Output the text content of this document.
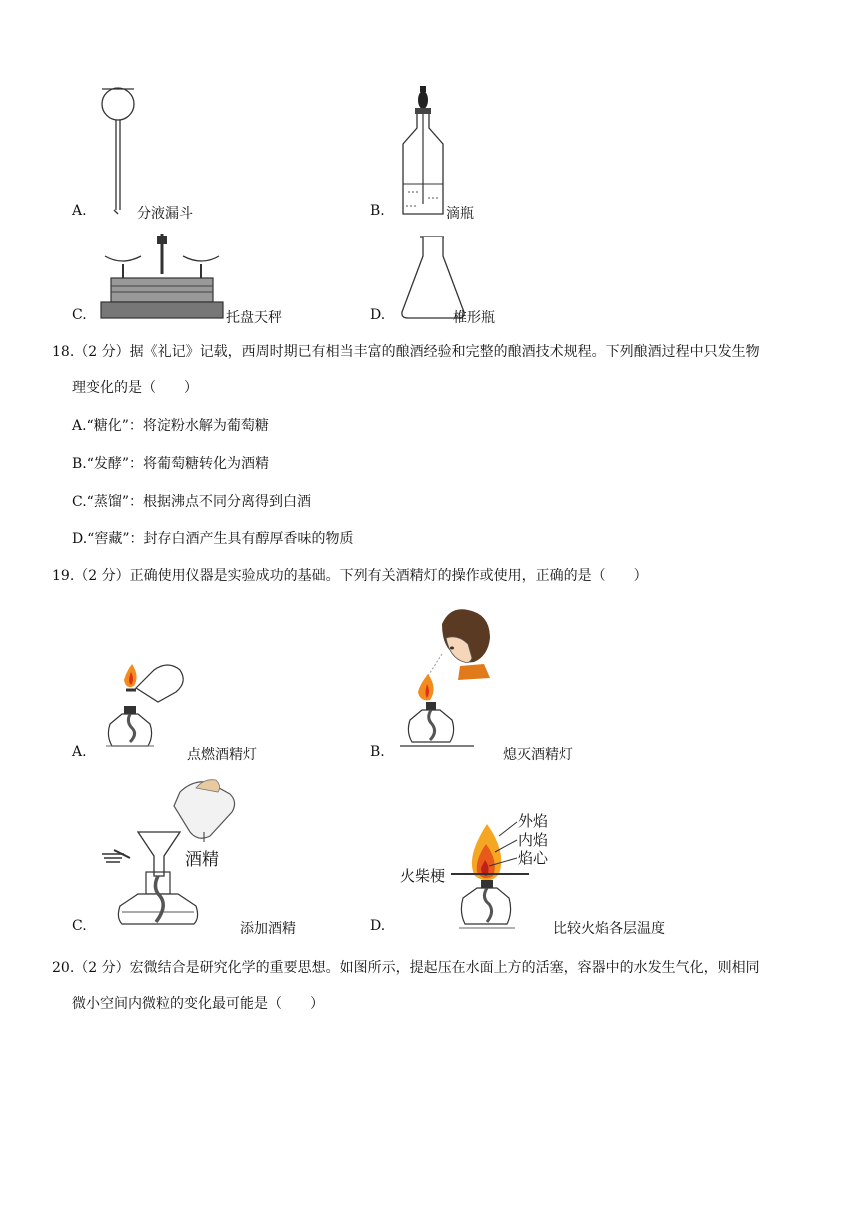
A.	分液漏斗	B.	滴瓶
C.	托盘天秤	D.	椎形瓶
18.（2 分）据《礼记》记载，西周时期已有相当丰富的酿酒经验和完整的酿酒技术规程。下列酿酒过程中只发生物
理变化的是（　　）
A.“糖化”：将淀粉水解为葡萄糖
B.“发酵”：将葡萄糖转化为酒精
C.“蒸馏”：根据沸点不同分离得到白酒
D.“窖藏”：封存白酒产生具有醇厚香味的物质
19.（2 分）正确使用仪器是实验成功的基础。下列有关酒精灯的操作或使用，正确的是（　　）
A.	点燃酒精灯	B.	熄灭酒精灯
酒精
C.	添加酒精
外焰
内焰
焰心
火柴梗
D.	比较火焰各层温度
20.（2 分）宏微结合是研究化学的重要思想。如图所示，提起压在水面上方的活塞，容器中的水发生气化，则相同
微小空间内微粒的变化最可能是（　　）
